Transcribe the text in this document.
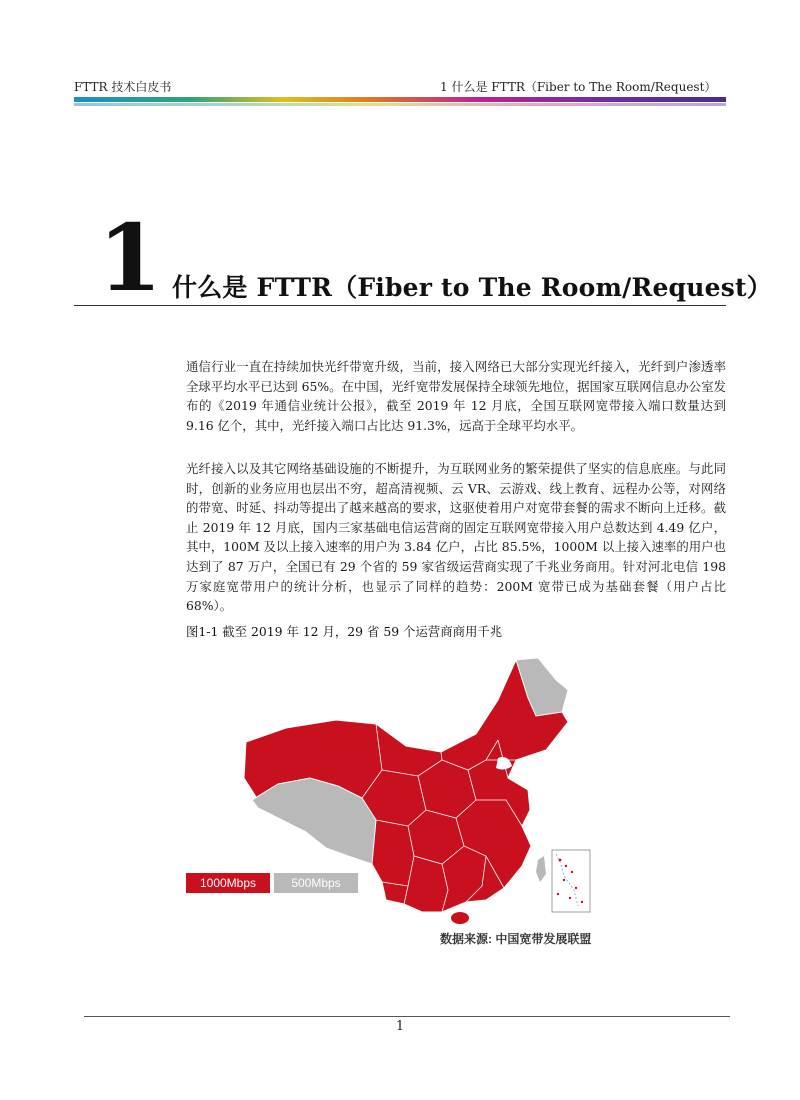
FTTR 技术白皮书	1 什么是 FTTR（Fiber to The Room/Request）
1 什么是 FTTR（Fiber to The Room/Request）

通信行业一直在持续加快光纤带宽升级，当前，接入网络已大部分实现光纤接入，光纤到户渗透率全球平均水平已达到 65%。在中国，光纤宽带发展保持全球领先地位，据国家互联网信息办公室发布的《2019 年通信业统计公报》，截至 2019 年 12 月底，全国互联网宽带接入端口数量达到 9.16 亿个，其中，光纤接入端口占比达 91.3%，远高于全球平均水平。

光纤接入以及其它网络基础设施的不断提升，为互联网业务的繁荣提供了坚实的信息底座。与此同时，创新的业务应用也层出不穷，超高清视频、云 VR、云游戏、线上教育、远程办公等，对网络的带宽、时延、抖动等提出了越来越高的要求，这驱使着用户对宽带套餐的需求不断向上迁移。截止 2019 年 12 月底，国内三家基础电信运营商的固定互联网宽带接入用户总数达到 4.49 亿户，其中，100M 及以上接入速率的用户为 3.84 亿户，占比 85.5%，1000M 以上接入速率的用户也达到了 87 万户，全国已有 29 个省的 59 家省级运营商实现了千兆业务商用。针对河北电信 198 万家庭宽带用户的统计分析，也显示了同样的趋势：200M 宽带已成为基础套餐（用户占比 68%）。

图1-1 截至 2019 年 12 月，29 省 59 个运营商商用千兆
1000Mbps	500Mbps
数据来源: 中国宽带发展联盟
1
